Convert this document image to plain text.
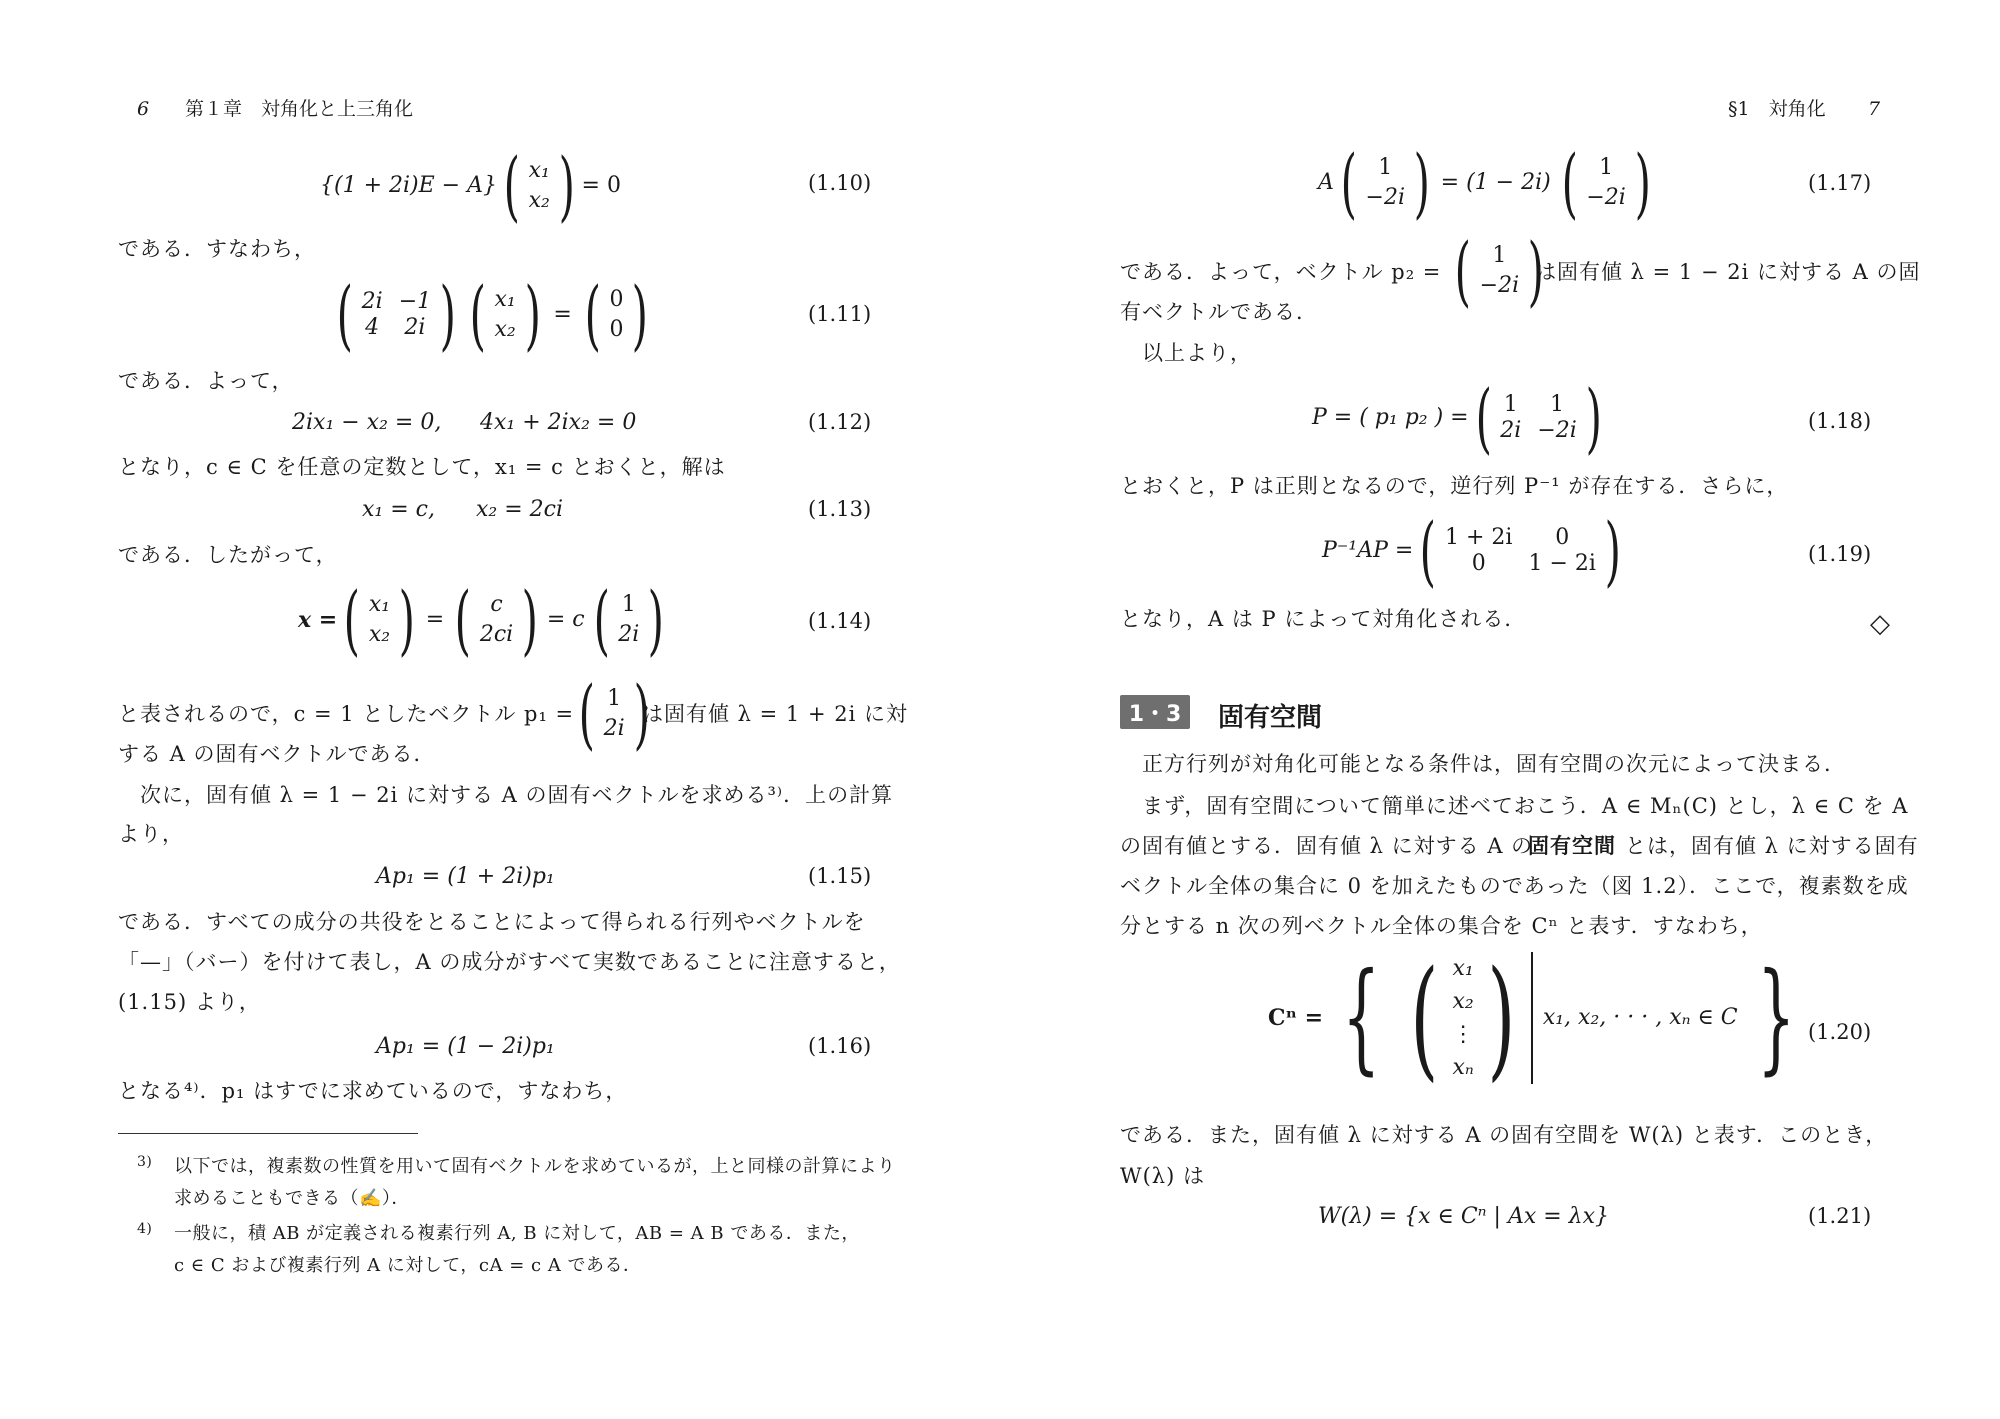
6 第１章　対角化と上三角化
{(1 + 2i)E − A} ( x₁
x₂ ) = 0	(1.10)
である．すなわち，
( 2i −1
4 2i ) ( x₁
x₂ ) = ( 0
0 )	(1.11)
である．よって，
2ix₁ − x₂ = 0, 4x₁ + 2ix₂ = 0	(1.12)
となり，c ∈ C を任意の定数として，x₁ = c とおくと，解は
x₁ = c, x₂ = 2ci	(1.13)
である．したがって，
x = ( x₁
x₂ ) = ( c
2ci ) = c ( 1
2i )	(1.14)
と表されるので，c = 1 としたベクトル p₁ = ( 1
2i )
は固有値 λ = 1 + 2i に対
する A の固有ベクトルである．
　次に，固有値 λ = 1 − 2i に対する A の固有ベクトルを求める³⁾．上の計算
より，
Ap₁ = (1 + 2i)p₁	(1.15)
である．すべての成分の共役をとることによって得られる行列やベクトルを
「—」（バー）を付けて表し，A の成分がすべて実数であることに注意すると，
(1.15) より，
Ap₁ = (1 − 2i)p₁	(1.16)
となる⁴⁾．p₁ はすでに求めているので，すなわち，
3) 以下では，複素数の性質を用いて固有ベクトルを求めているが，上と同様の計算により
求めることもできる（✍）．
4) 一般に，積 AB が定義される複素行列 A, B に対して，AB = A B である．また，
c ∈ C および複素行列 A に対して，cA = c A である．
§1　対角化 7
A ( 1
−2i ) = (1 − 2i) ( 1
−2i )	(1.17)
である．よって，ベクトル p₂ = ( 1
−2i )
は固有値 λ = 1 − 2i に対する A の固
有ベクトルである．
　以上より，
P = ( p₁ p₂ ) = ( 1 1
2i −2i )	(1.18)
とおくと，P は正則となるので，逆行列 P⁻¹ が存在する．さらに，
P⁻¹AP = ( 1 + 2i 0
0 1 − 2i )	(1.19)
となり，A は P によって対角化される．	◇
1・3	固有空間
　正方行列が対角化可能となる条件は，固有空間の次元によって決まる．
　まず，固有空間について簡単に述べておこう．A ∈ Mₙ(C) とし，λ ∈ C を A
の固有値とする．固有値 λ に対する A の
固有空間 とは，固有値 λ に対する固有
ベクトル全体の集合に 0 を加えたものであった（図 1.2）．ここで，複素数を成
分とする n 次の列ベクトル全体の集合を Cⁿ と表す．すなわち，
Cⁿ = { ( x₁
x₂
⋮
xₙ ) x₁, x₂, · · · , xₙ ∈ C } (1.20)
である．また，固有値 λ に対する A の固有空間を W(λ) と表す．このとき，
W(λ) は
W(λ) = {x ∈ Cⁿ | Ax = λx}	(1.21)
